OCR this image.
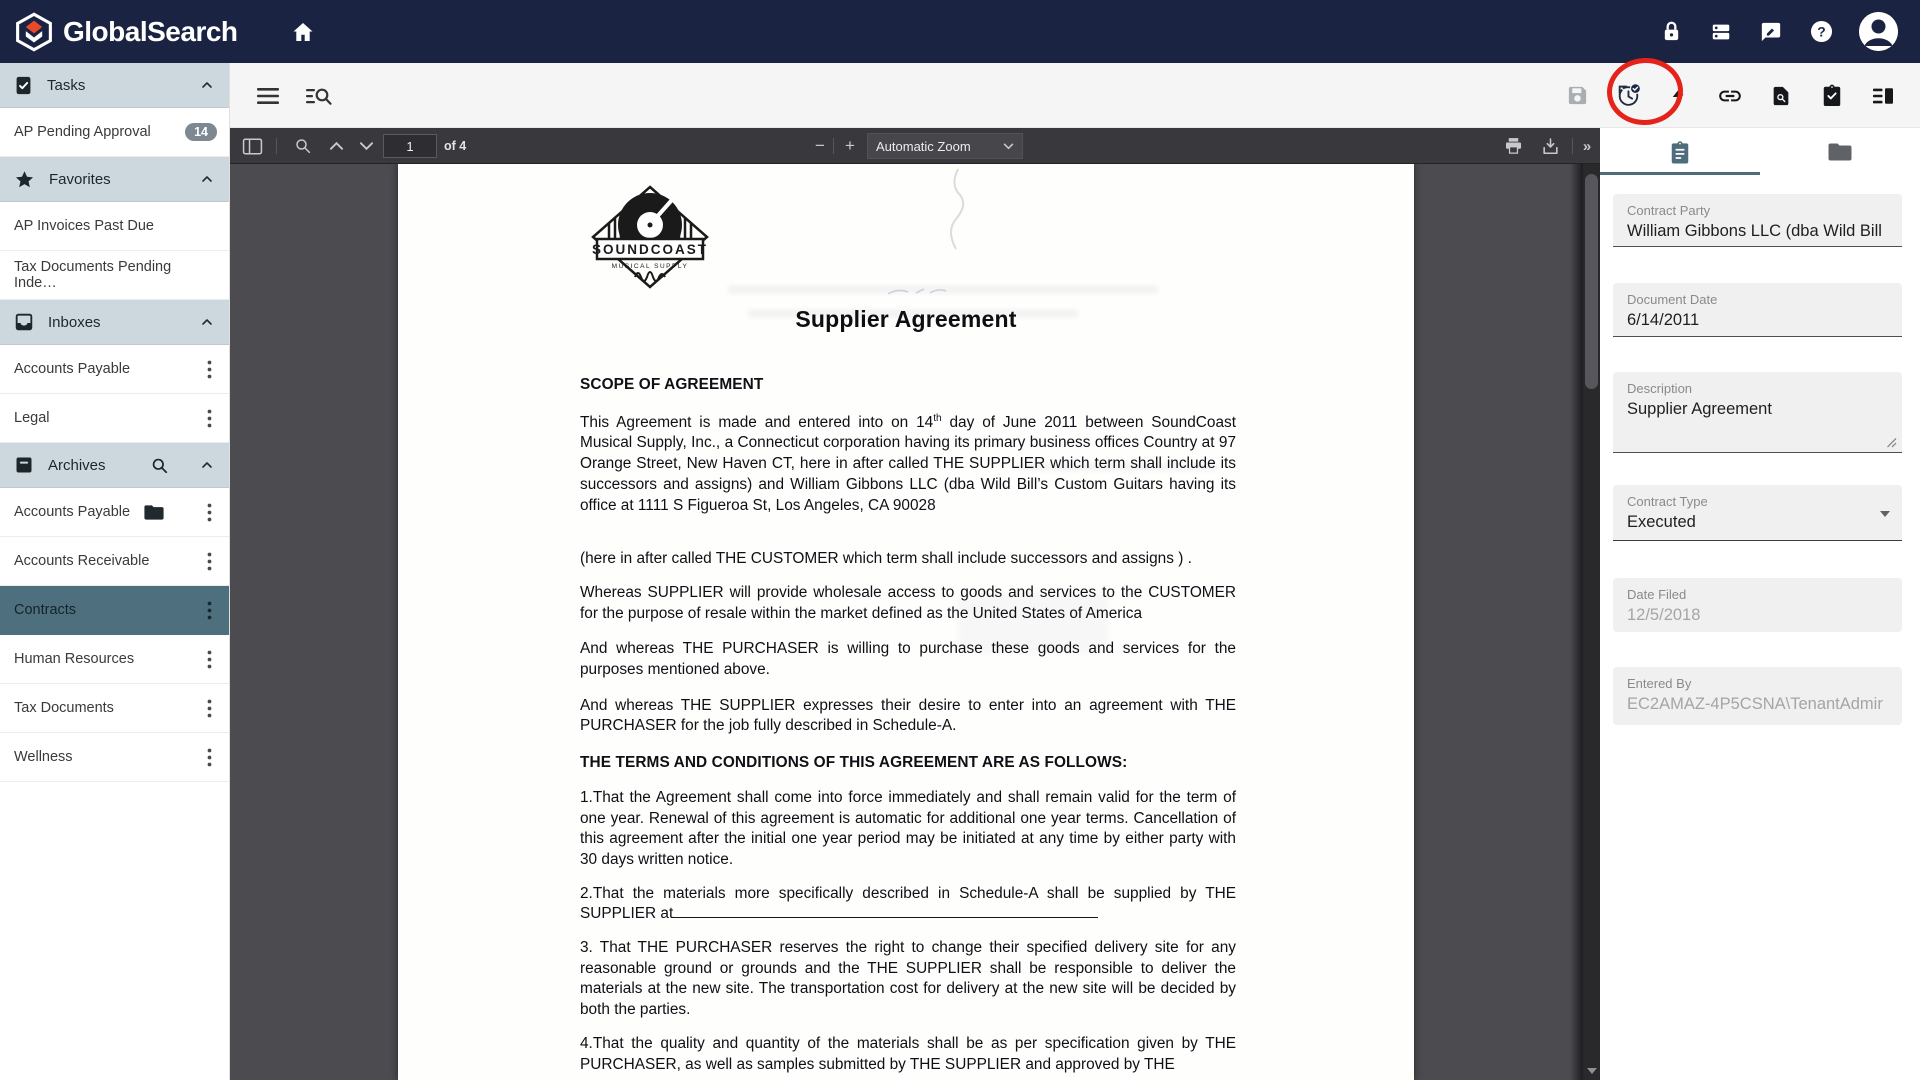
GlobalSearch	?
Tasks
AP Pending Approval	14
Favorites
AP Invoices Past Due
Tax Documents Pending Inde…
Inboxes
Accounts Payable
Legal
Archives
Accounts Payable
Accounts Receivable
Contracts
Human Resources
Tax Documents
Wellness
1	of 4	−	+	Automatic Zoom	»
SOUNDCOAST
MUSICAL SUPPLY
Supplier Agreement

SCOPE OF AGREEMENT

This Agreement is made and entered into on 14th day of June 2011 between SoundCoast Musical Supply, Inc., a Connecticut corporation having its primary business offices Country at 97 Orange Street, New Haven CT, here in after called THE SUPPLIER which term shall include its successors and assigns) and William Gibbons LLC (dba Wild Bill’s Custom Guitars having its office at 1111 S Figueroa St, Los Angeles, CA 90028

(here in after called THE CUSTOMER which term shall include successors and assigns ) .

Whereas SUPPLIER will provide wholesale access to goods and services to the CUSTOMER for the purpose of resale within the market defined as the United States of America

And whereas THE PURCHASER is willing to purchase these goods and services for the purposes mentioned above.

And whereas THE SUPPLIER expresses their desire to enter into an agreement with THE PURCHASER for the job fully described in Schedule-A.

THE TERMS AND CONDITIONS OF THIS AGREEMENT ARE AS FOLLOWS:

1.That the Agreement shall come into force immediately and shall remain valid for the term of one year. Renewal of this agreement is automatic for additional one year terms. Cancellation of this agreement after the initial one year period may be initiated at any time by either party with 30 days written notice.

2.That the materials more specifically described in Schedule-A shall be supplied by THE SUPPLIER at

3. That THE PURCHASER reserves the right to change their specified delivery site for any reasonable ground or grounds and the THE SUPPLIER shall be responsible to deliver the materials at the new site. The transportation cost for delivery at the new site will be decided by both the parties.

4.That the quality and quantity of the materials shall be as per specification given by THE PURCHASER, as well as samples submitted by THE SUPPLIER and approved by THE

Contract Party
William Gibbons LLC (dba Wild Bill
Document Date
6/14/2011
Description
Supplier Agreement
Contract Type
Executed
Date Filed
12/5/2018
Entered By
EC2AMAZ-4P5CSNA\TenantAdmir
